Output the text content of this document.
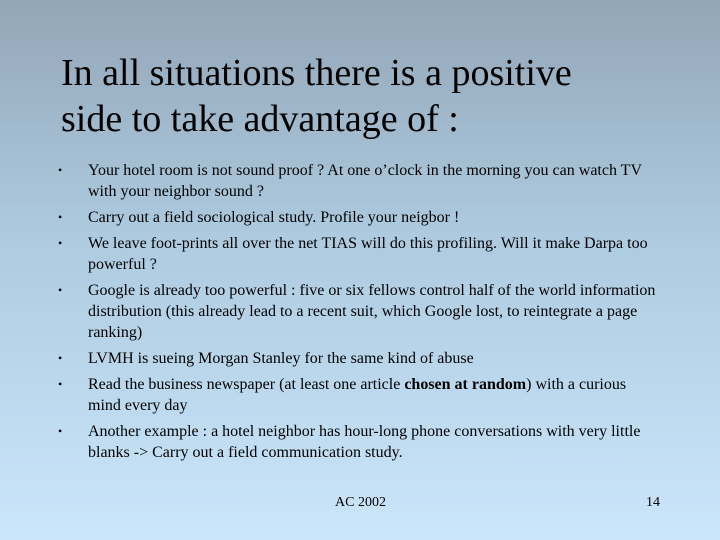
In all situations there is a positive
side to take advantage of :
•	Your hotel room is not sound proof ? At one o’clock in the morning you can watch TV with your neighbor sound ?
•	Carry out a field sociological study. Profile your neigbor !
•	We leave foot-prints all over the net TIAS will do this profiling. Will it make Darpa too powerful ?
•	Google is already too powerful : five or six fellows control half of the world information distribution (this already lead to a recent suit, which Google lost, to reintegrate a page ranking)
•	LVMH is sueing Morgan Stanley for the same kind of abuse
•	Read the business newspaper (at least one article chosen at random) with a curious mind every day
•	Another example : a hotel neighbor has hour-long phone conversations with very little blanks -> Carry out a field communication study.
AC 2002	14
